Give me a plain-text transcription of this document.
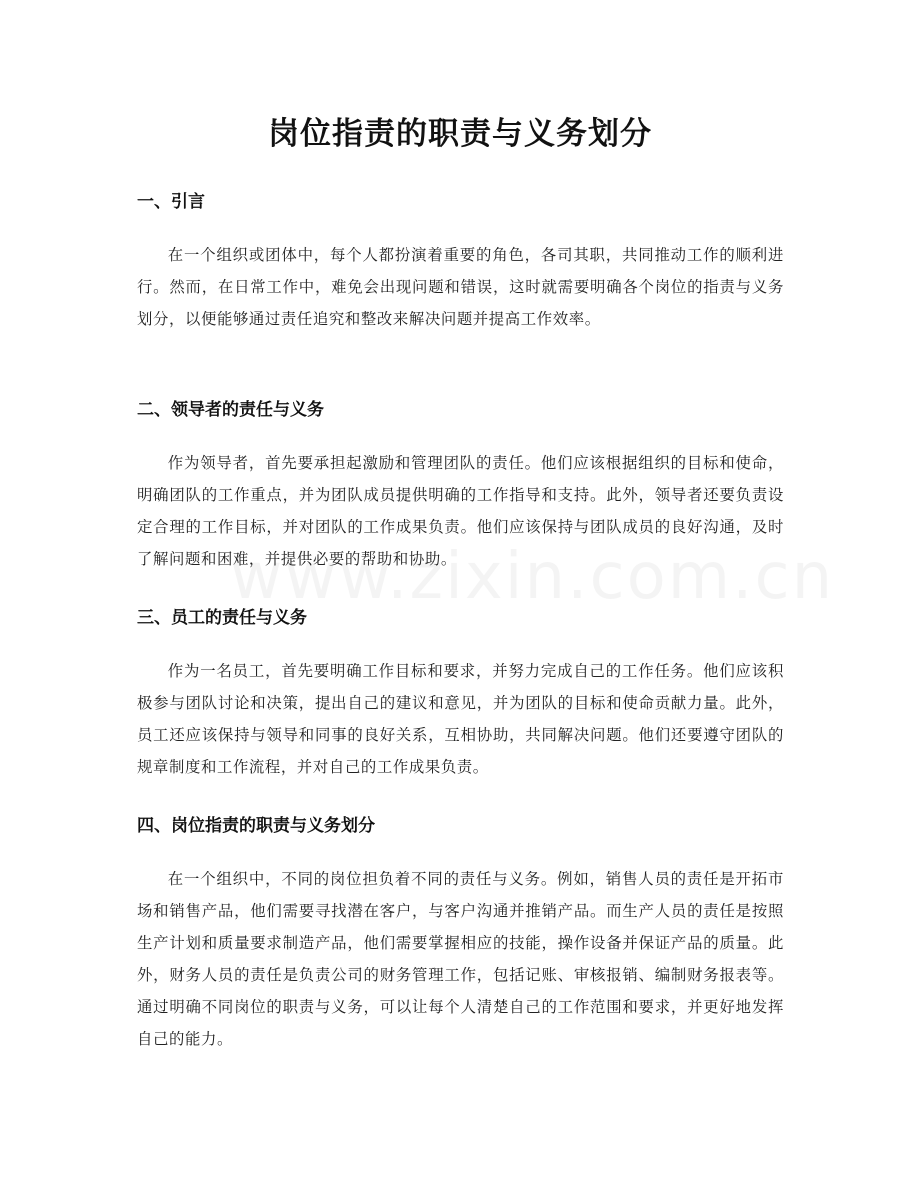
岗位指责的职责与义务划分
一、引言

在一个组织或团体中，每个人都扮演着重要的角色，各司其职，共同推动工作的顺利进行。然而，在日常工作中，难免会出现问题和错误，这时就需要明确各个岗位的指责与义务划分，以便能够通过责任追究和整改来解决问题并提高工作效率。

二、领导者的责任与义务

作为领导者，首先要承担起激励和管理团队的责任。他们应该根据组织的目标和使命，明确团队的工作重点，并为团队成员提供明确的工作指导和支持。此外，领导者还要负责设定合理的工作目标，并对团队的工作成果负责。他们应该保持与团队成员的良好沟通，及时了解问题和困难，并提供必要的帮助和协助。

三、员工的责任与义务

作为一名员工，首先要明确工作目标和要求，并努力完成自己的工作任务。他们应该积极参与团队讨论和决策，提出自己的建议和意见，并为团队的目标和使命贡献力量。此外，员工还应该保持与领导和同事的良好关系，互相协助，共同解决问题。他们还要遵守团队的规章制度和工作流程，并对自己的工作成果负责。

四、岗位指责的职责与义务划分

在一个组织中，不同的岗位担负着不同的责任与义务。例如，销售人员的责任是开拓市场和销售产品，他们需要寻找潜在客户，与客户沟通并推销产品。而生产人员的责任是按照生产计划和质量要求制造产品，他们需要掌握相应的技能，操作设备并保证产品的质量。此外，财务人员的责任是负责公司的财务管理工作，包括记账、审核报销、编制财务报表等。通过明确不同岗位的职责与义务，可以让每个人清楚自己的工作范围和要求，并更好地发挥自己的能力。
